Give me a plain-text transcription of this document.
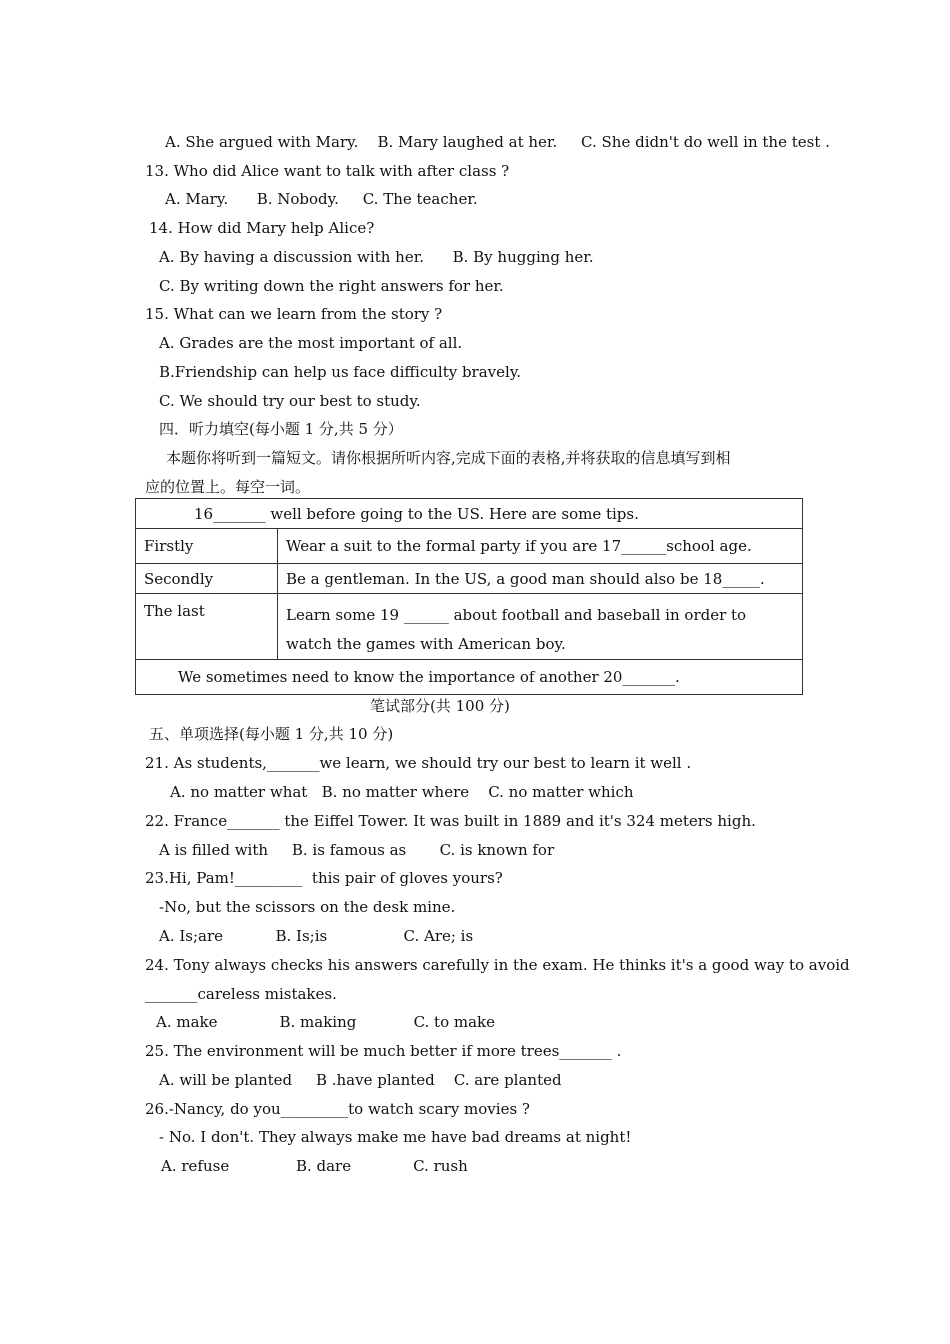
A. She argued with Mary.    B. Mary laughed at her.     C. She didn't do well in the test .
13. Who did Alice want to talk with after class ?
A. Mary.      B. Nobody.     C. The teacher.
14. How did Mary help Alice?
A. By having a discussion with her.      B. By hugging her.
C. By writing down the right answers for her.
15. What can we learn from the story ?
A. Grades are the most important of all.
B.Friendship can help us face difficulty bravely.
C. We should try our best to study.
四．听力填空(每小题 1 分,共 5 分）
本题你将听到一篇短文。请你根据所听内容,完成下面的表格,并将获取的信息填写到相
应的位置上。每空一词。
16_______ well before going to the US. Here are some tips.	
Firstly	Wear a suit to the formal party if you are 17______school age.
Secondly	Be a gentleman. In the US, a good man should also be 18_____.
The last	Learn some 19 ______ about football and baseball in order to watch the games with American boy.
We sometimes need to know the importance of another 20_______.	
笔试部分(共 100 分)
五、单项选择(每小题 1 分,共 10 分)
21. As students,_______we learn, we should try our best to learn it well .
A. no matter what   B. no matter where    C. no matter which
22. France_______ the Eiffel Tower. It was built in 1889 and it's 324 meters high.
A is filled with     B. is famous as       C. is known for
23.Hi, Pam!_________  this pair of gloves yours?
-No, but the scissors on the desk mine.
A. Is;are           B. Is;is                C. Are; is
24. Tony always checks his answers carefully in the exam. He thinks it's a good way to avoid
_______careless mistakes.
A. make             B. making            C. to make
25. The environment will be much better if more trees_______ .
A. will be planted     B .have planted    C. are planted
26.-Nancy, do you_________to watch scary movies ?
- No. I don't. They always make me have bad dreams at night!
A. refuse              B. dare             C. rush
